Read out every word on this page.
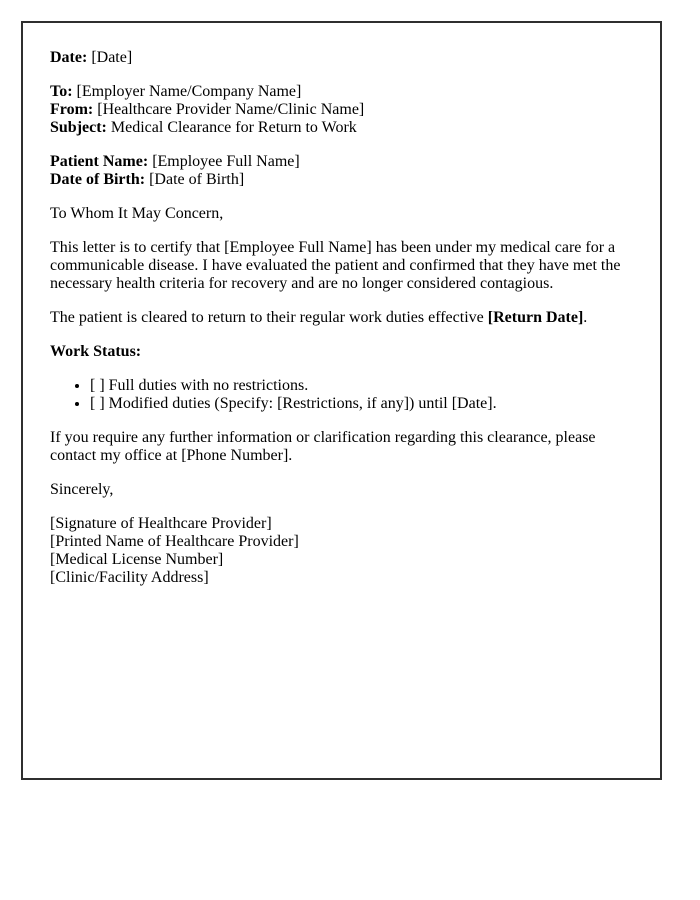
Date: [Date]

To: [Employer Name/Company Name]
From: [Healthcare Provider Name/Clinic Name]
Subject: Medical Clearance for Return to Work

Patient Name: [Employee Full Name]
Date of Birth: [Date of Birth]

To Whom It May Concern,

This letter is to certify that [Employee Full Name] has been under my medical care for a communicable disease. I have evaluated the patient and confirmed that they have met the necessary health criteria for recovery and are no longer considered contagious.

The patient is cleared to return to their regular work duties effective [Return Date].

Work Status:

• [ ] Full duties with no restrictions.
• [ ] Modified duties (Specify: [Restrictions, if any]) until [Date].

If you require any further information or clarification regarding this clearance, please contact my office at [Phone Number].

Sincerely,

[Signature of Healthcare Provider]
[Printed Name of Healthcare Provider]
[Medical License Number]
[Clinic/Facility Address]
